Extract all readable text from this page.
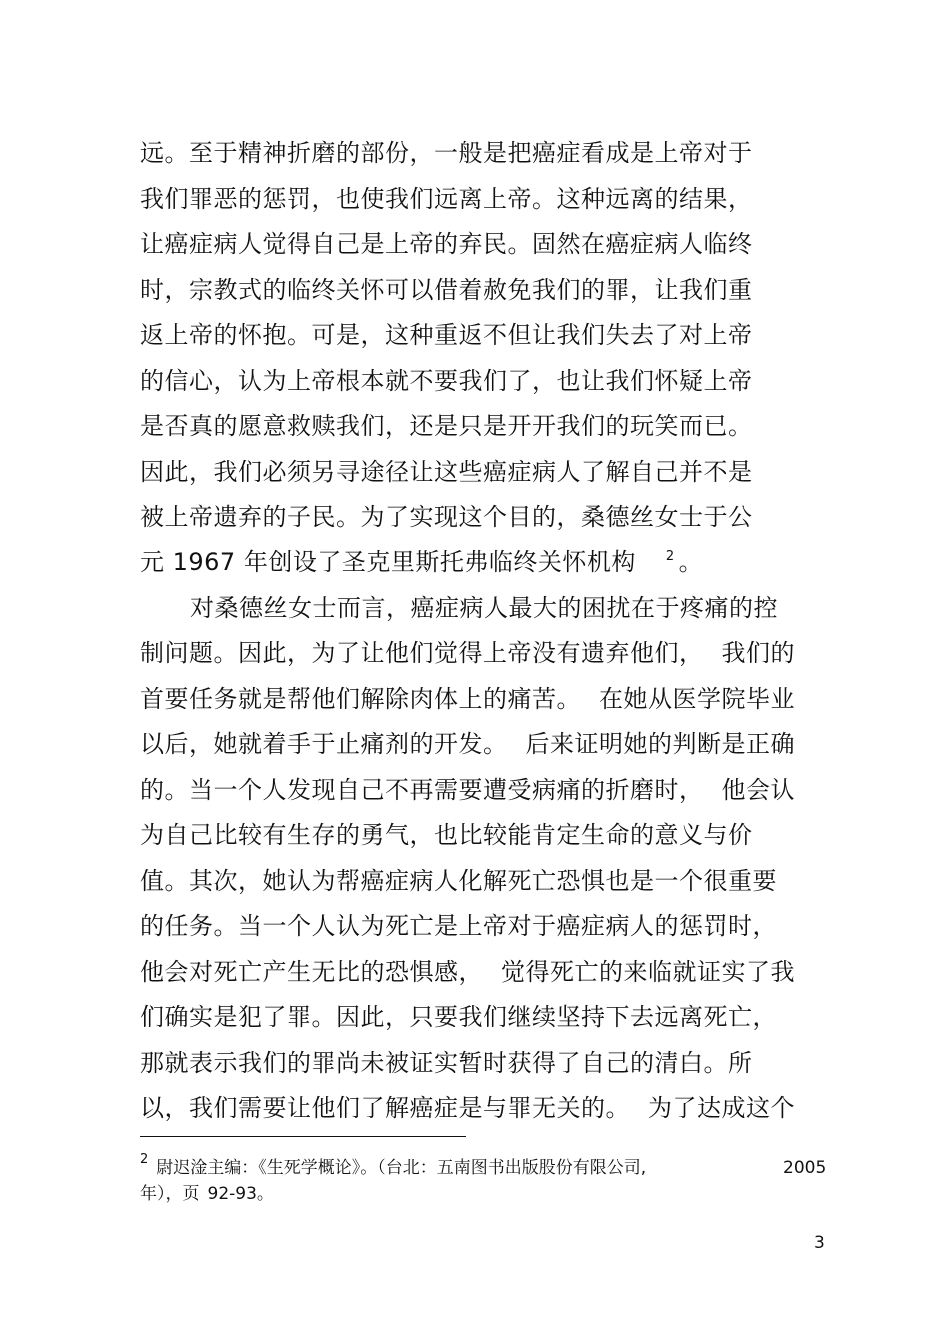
远。至于精神折磨的部份，一般是把癌症看成是上帝对于
我们罪恶的惩罚，也使我们远离上帝。这种远离的结果，
让癌症病人觉得自己是上帝的弃民。固然在癌症病人临终
时，宗教式的临终关怀可以借着赦免我们的罪，让我们重
返上帝的怀抱。可是，这种重返不但让我们失去了对上帝
的信心，认为上帝根本就不要我们了，也让我们怀疑上帝
是否真的愿意救赎我们，还是只是开开我们的玩笑而已。
因此，我们必须另寻途径让这些癌症病人了解自己并不是
被上帝遗弃的子民。为了实现这个目的，桑德丝女士于公
元 1967 年创设了圣克里斯托弗临终关怀机构 $^2$ 。
对桑德丝女士而言，癌症病人最大的困扰在于疼痛的控
制问题。因此，为了让他们觉得上帝没有遗弃他们， 我们的
首要任务就是帮他们解除肉体上的痛苦。 在她从医学院毕业
以后，她就着手于止痛剂的开发。 后来证明她的判断是正确
的。当一个人发现自己不再需要遭受病痛的折磨时， 他会认
为自己比较有生存的勇气，也比较能肯定生命的意义与价
值。其次，她认为帮癌症病人化解死亡恐惧也是一个很重要
的任务。当一个人认为死亡是上帝对于癌症病人的惩罚时，
他会对死亡产生无比的恐惧感， 觉得死亡的来临就证实了我
们确实是犯了罪。因此，只要我们继续坚持下去远离死亡，
那就表示我们的罪尚未被证实暂时获得了自己的清白。所
以，我们需要让他们了解癌症是与罪无关的。 为了达成这个
$^2$ 尉迟淦主编：《生死学概论》。（台北：五南图书出版股份有限公司,	2005
年），页 92-93。
3
